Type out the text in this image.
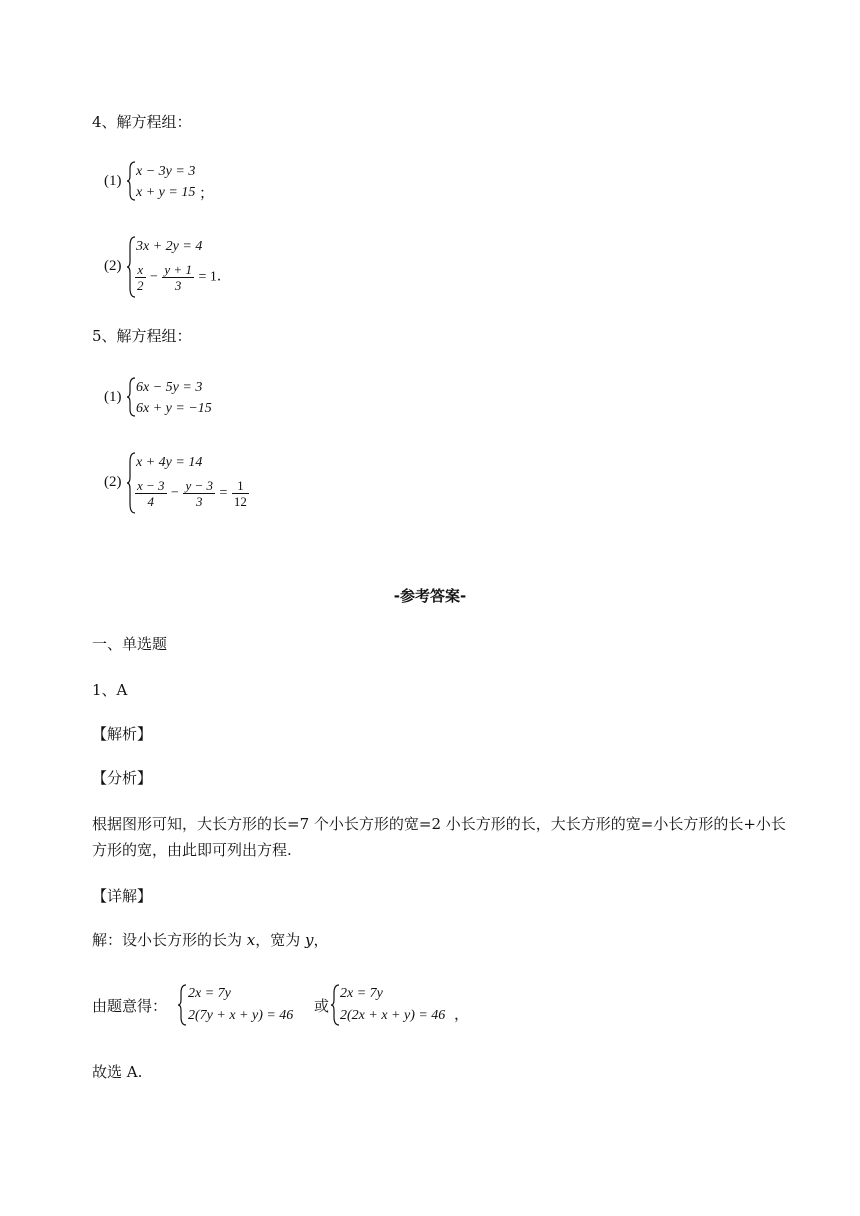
4、解方程组：
(1)
x − 3y = 3
x + y = 15 ；
(2)
3x + 2y = 4
$\frac{x}{2} - \frac{y + 1}{3} = 1$．
5、解方程组：
(1)
6x − 5y = 3
6x + y = −15
(2)
x + 4y = 14
$\frac{x - 3}{4} - \frac{y - 3}{3} = \frac{1}{12}$
-参考答案-
一、单选题
1、A
【解析】
【分析】
根据图形可知，大长方形的长=7 个小长方形的宽=2 小长方形的长，大长方形的宽=小长方形的长+小长
方形的宽，由此即可列出方程.
【详解】
解：设小长方形的长为 x，宽为 y，
由题意得：
2x = 7y
2(7y + x + y) = 46
或
2x = 7y
2(2x + x + y) = 46 ，
故选 A.
